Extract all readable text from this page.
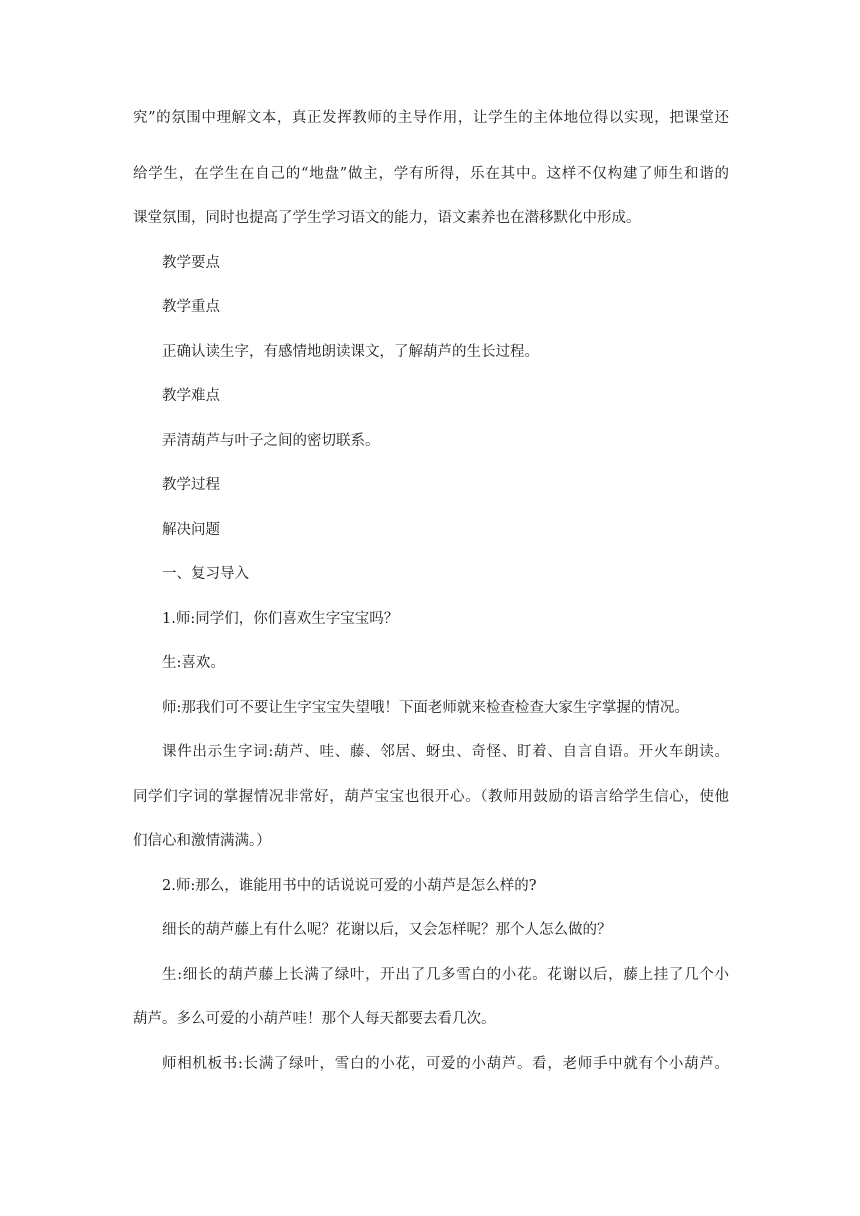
究”的氛围中理解文本，真正发挥教师的主导作用，让学生的主体地位得以实现，把课堂还
给学生，在学生在自己的“地盘”做主，学有所得，乐在其中。这样不仅构建了师生和谐的
课堂氛围，同时也提高了学生学习语文的能力，语文素养也在潜移默化中形成。
教学要点
教学重点
正确认读生字，有感情地朗读课文，了解葫芦的生长过程。
教学难点
弄清葫芦与叶子之间的密切联系。
教学过程
解决问题
一、复习导入
1.师:同学们，你们喜欢生字宝宝吗？
生:喜欢。
师:那我们可不要让生字宝宝失望哦！下面老师就来检查检查大家生字掌握的情况。
课件出示生字词:葫芦、哇、藤、邻居、蚜虫、奇怪、盯着、自言自语。开火车朗读。
同学们字词的掌握情况非常好，葫芦宝宝也很开心。（教师用鼓励的语言给学生信心，使他
们信心和激情满满。）
2.师:那么，谁能用书中的话说说可爱的小葫芦是怎么样的?
细长的葫芦藤上有什么呢？花谢以后，又会怎样呢？那个人怎么做的？
生:细长的葫芦藤上长满了绿叶，开出了几多雪白的小花。花谢以后，藤上挂了几个小
葫芦。多么可爱的小葫芦哇！那个人每天都要去看几次。
师相机板书:长满了绿叶，雪白的小花，可爱的小葫芦。看，老师手中就有个小葫芦。
